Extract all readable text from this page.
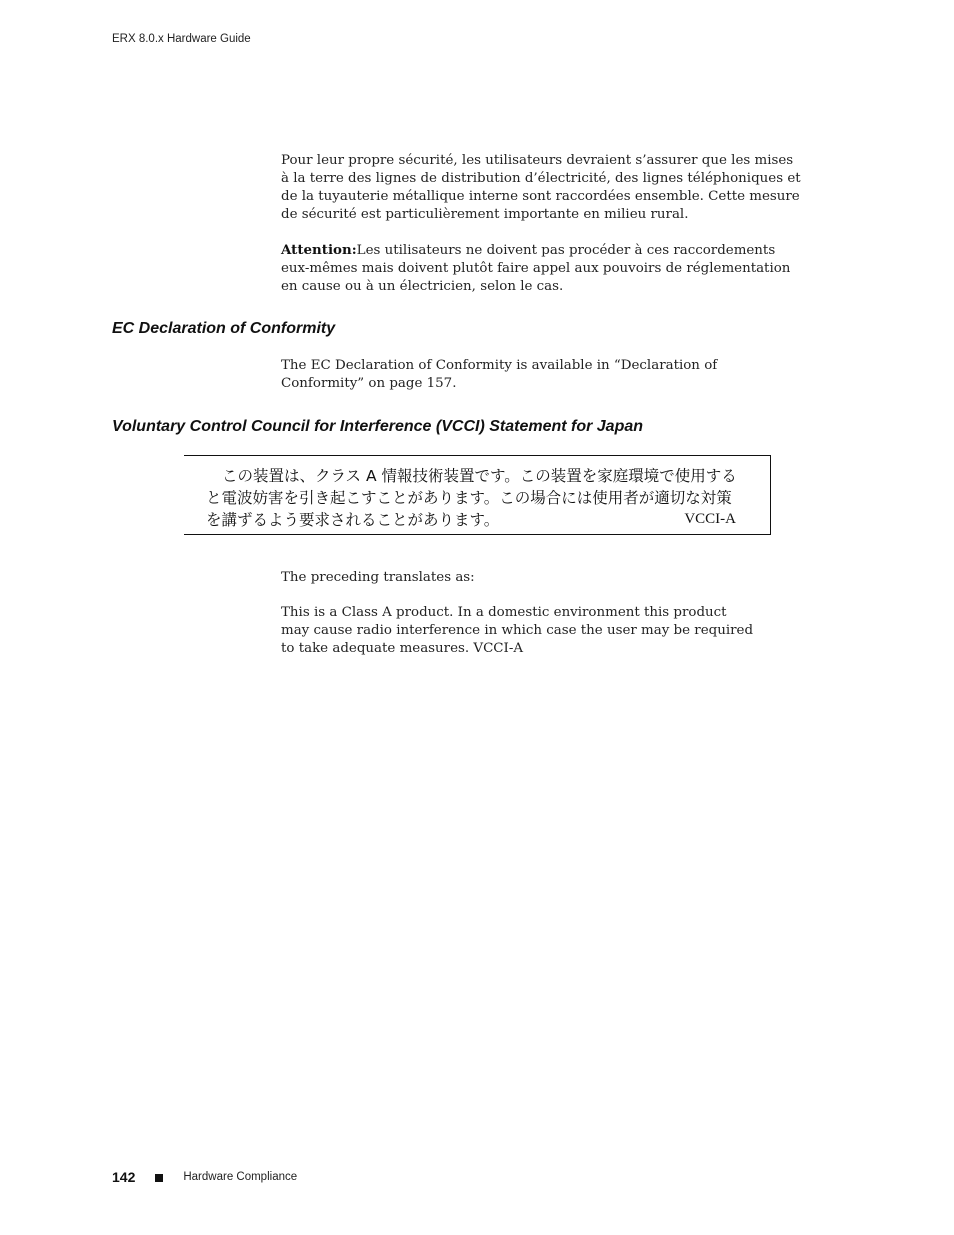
ERX 8.0.x Hardware Guide

Pour leur propre sécurité, les utilisateurs devraient s’assurer que les mises
à la terre des lignes de distribution d’électricité, des lignes téléphoniques et
de la tuyauterie métallique interne sont raccordées ensemble. Cette mesure
de sécurité est particulièrement importante en milieu rural.

Attention:Les utilisateurs ne doivent pas procéder à ces raccordements
eux-mêmes mais doivent plutôt faire appel aux pouvoirs de réglementation
en cause ou à un électricien, selon le cas.

EC Declaration of Conformity

The EC Declaration of Conformity is available in “Declaration of
Conformity” on page 157.

Voluntary Control Council for Interference (VCCI) Statement for Japan
この装置は、クラス A 情報技術装置です。この装置を家庭環境で使用する
と電波妨害を引き起こすことがあります。この場合には使用者が適切な対策
を講ずるよう要求されることがあります。	VCCI-A

The preceding translates as:

This is a Class A product. In a domestic environment this product
may cause radio interference in which case the user may be required
to take adequate measures. VCCI-A

142	Hardware Compliance
